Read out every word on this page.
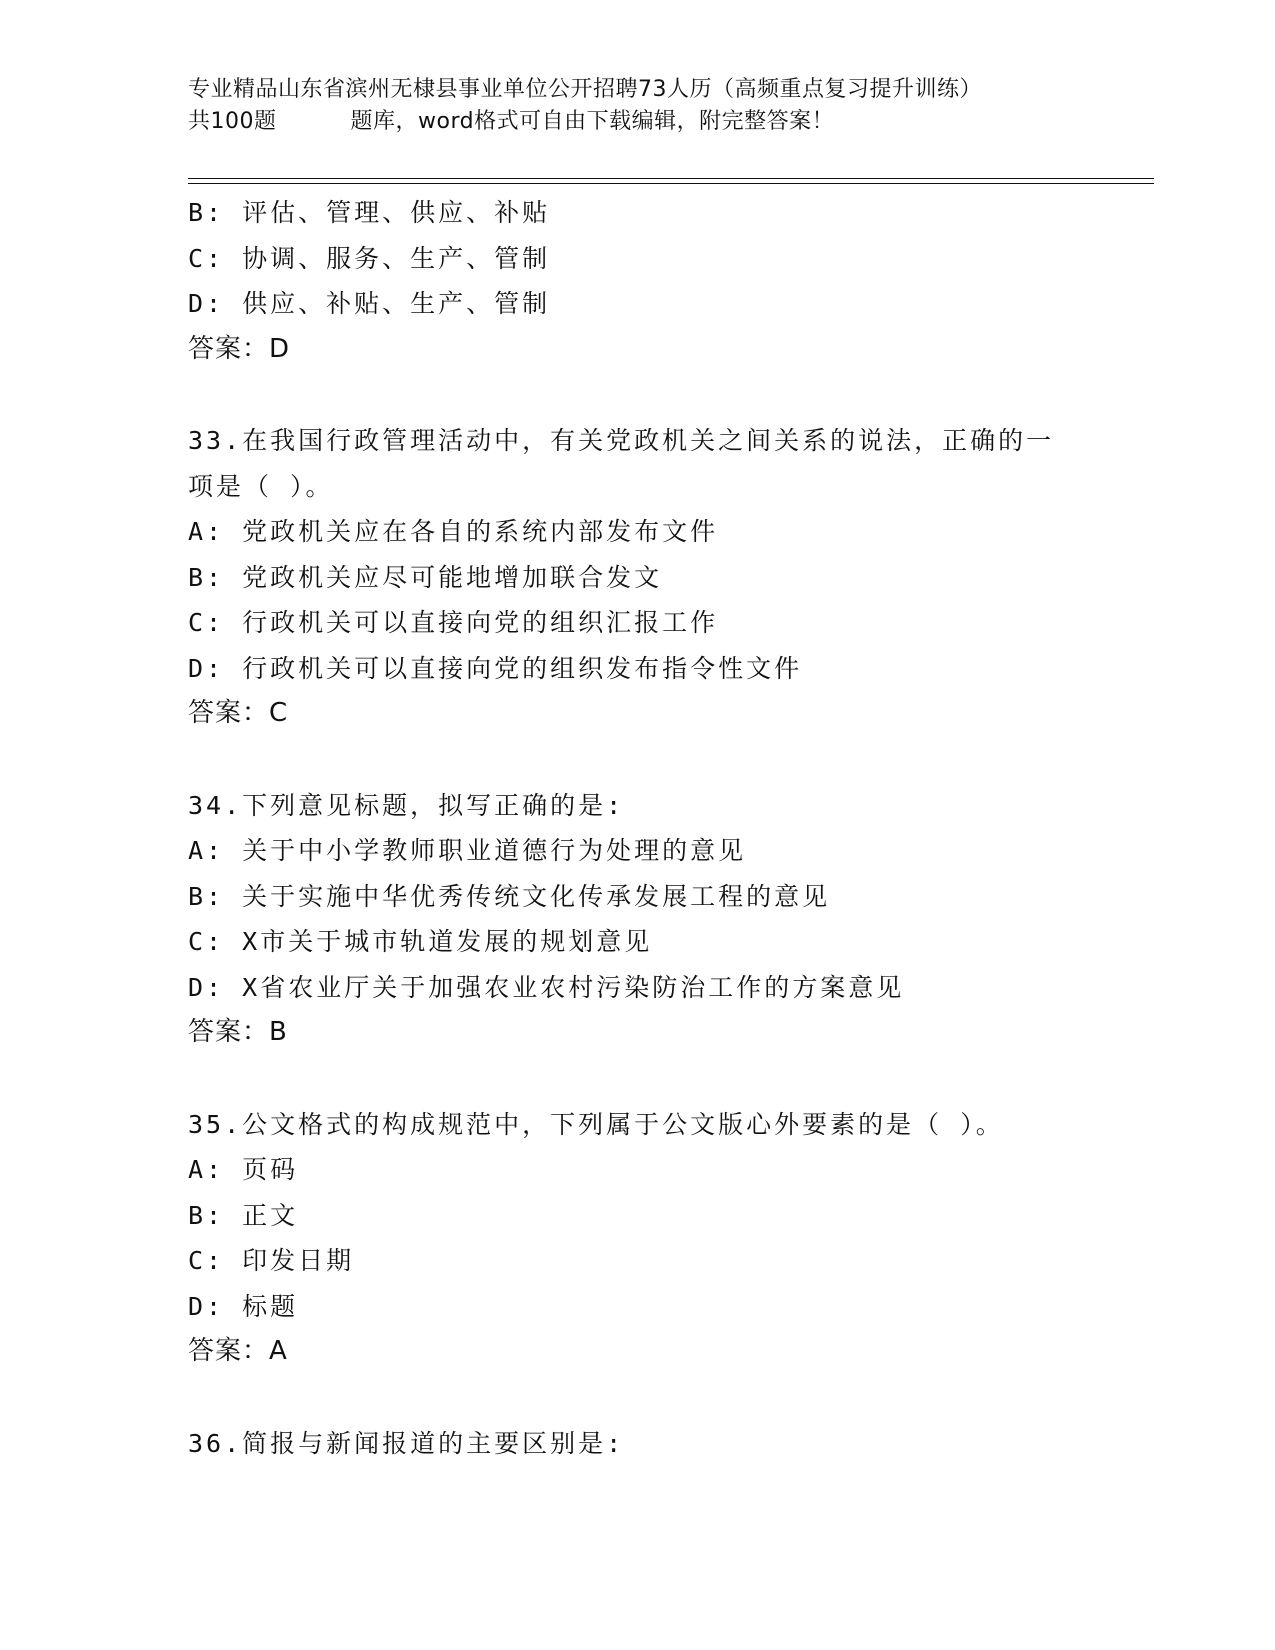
专业精品山东省滨州无棣县事业单位公开招聘73人历（高频重点复习提升训练）
共100题	题库，word格式可自由下载编辑，附完整答案！
B: 评估、管理、供应、补贴
C: 协调、服务、生产、管制
D: 供应、补贴、生产、管制
答案：D
33.在我国行政管理活动中，有关党政机关之间关系的说法，正确的一
项是（ ）。
A: 党政机关应在各自的系统内部发布文件
B: 党政机关应尽可能地增加联合发文
C: 行政机关可以直接向党的组织汇报工作
D: 行政机关可以直接向党的组织发布指令性文件
答案：C
34.下列意见标题，拟写正确的是:
A: 关于中小学教师职业道德行为处理的意见
B: 关于实施中华优秀传统文化传承发展工程的意见
C: X市关于城市轨道发展的规划意见
D: X省农业厅关于加强农业农村污染防治工作的方案意见
答案：B
35.公文格式的构成规范中，下列属于公文版心外要素的是（ ）。
A: 页码
B: 正文
C: 印发日期
D: 标题
答案：A
36.简报与新闻报道的主要区别是:
